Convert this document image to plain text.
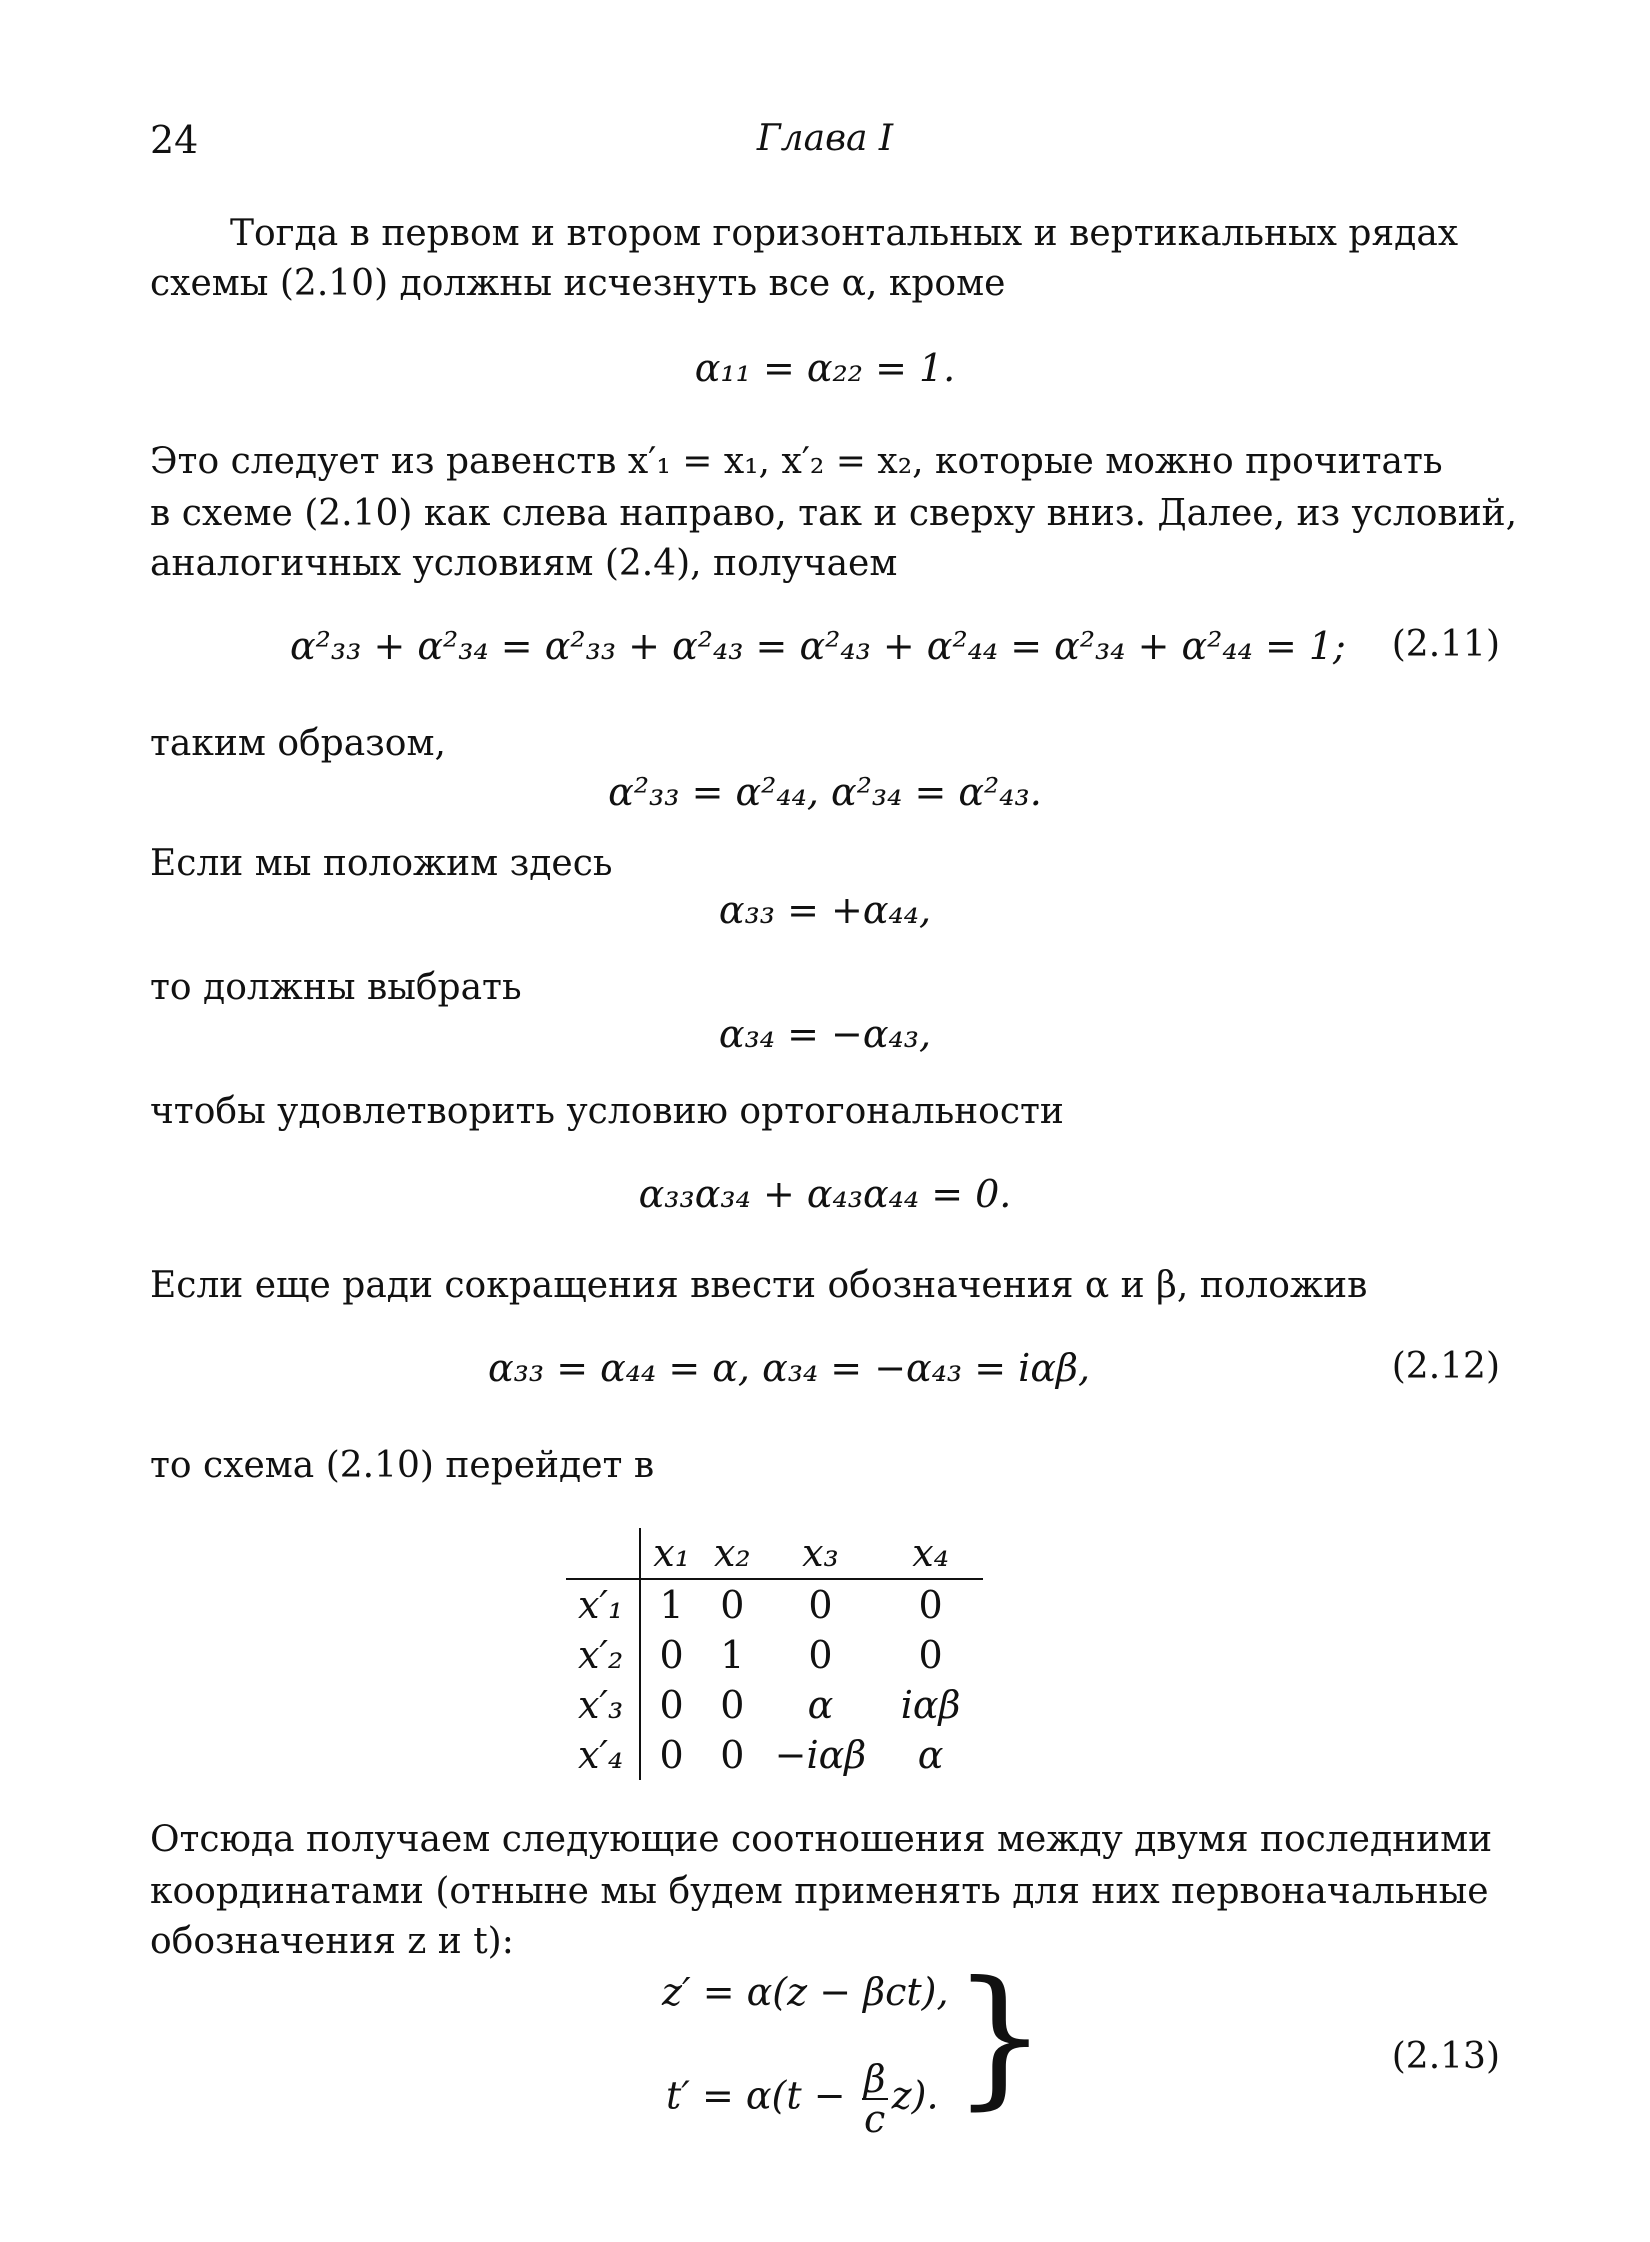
24	Глава I
Тогда в первом и втором горизонтальных и вертикальных рядах
схемы (2.10) должны исчезнуть все α, кроме
α₁₁ = α₂₂ = 1.
Это следует из равенств x′₁ = x₁, x′₂ = x₂, которые можно прочитать
в схеме (2.10) как слева направо, так и сверху вниз. Далее, из условий,
аналогичных условиям (2.4), получаем
α²₃₃ + α²₃₄ = α²₃₃ + α²₄₃ = α²₄₃ + α²₄₄ = α²₃₄ + α²₄₄ = 1; (2.11)
таким образом,
α²₃₃ = α²₄₄, α²₃₄ = α²₄₃.
Если мы положим здесь
α₃₃ = +α₄₄,
то должны выбрать
α₃₄ = −α₄₃,
чтобы удовлетворить условию ортогональности
α₃₃α₃₄ + α₄₃α₄₄ = 0.
Если еще ради сокращения ввести обозначения α и β, положив
α₃₃ = α₄₄ = α, α₃₄ = −α₄₃ = iαβ,	(2.12)
то схема (2.10) перейдет в
	x₁	x₂	x₃	x₄
x′₁	1	0	0	0
x′₂	0	1	0	0
x′₃	0	0	α	iαβ
x′₄	0	0	−iαβ	α
Отсюда получаем следующие соотношения между двумя последними
координатами (отныне мы будем применять для них первоначальные
обозначения z и t):
z′ = α(z − βct),
$t' = \alpha(t - \frac{\beta}{c} z)$. }	(2.13)
